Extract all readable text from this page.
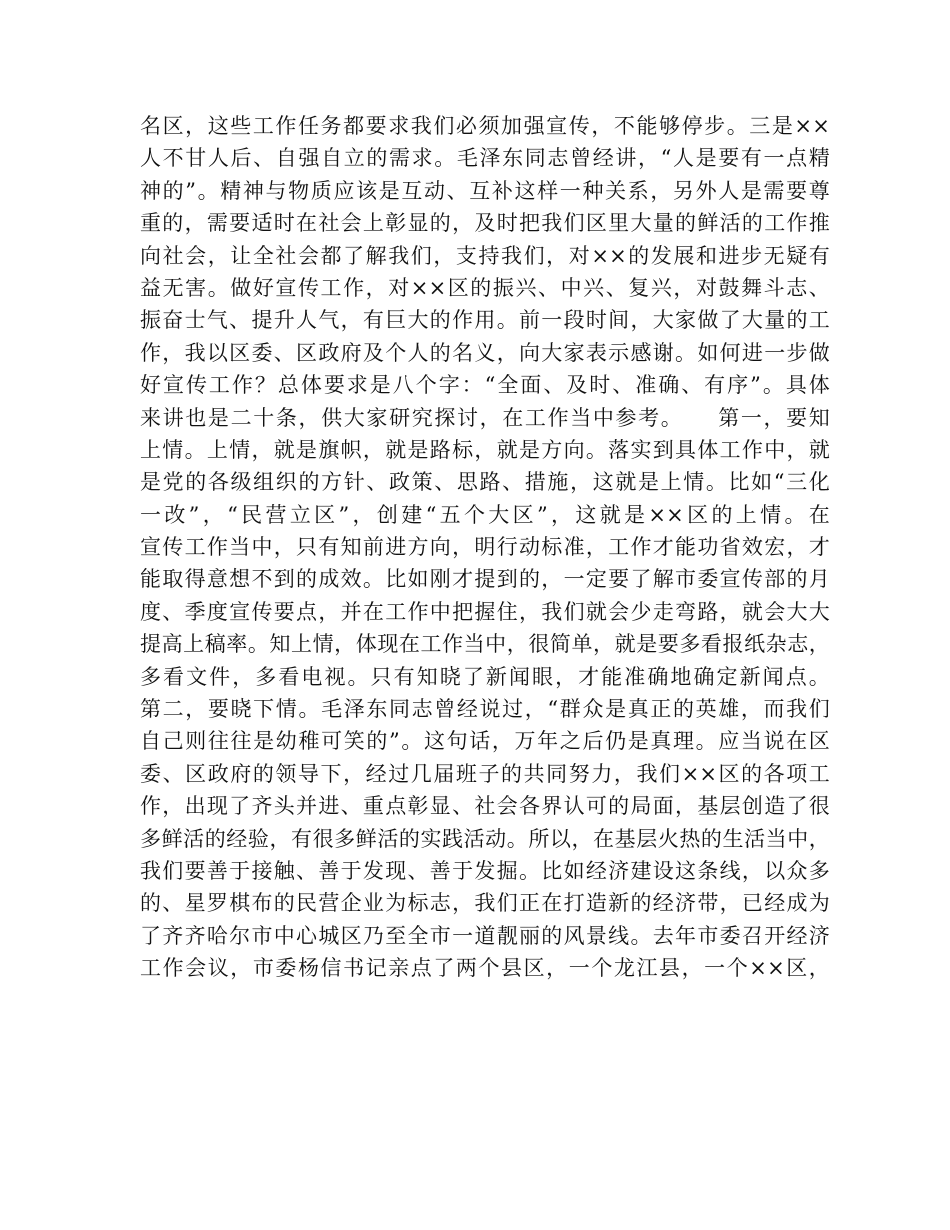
名区，这些工作任务都要求我们必须加强宣传，不能够停步。三是××
人不甘人后、自强自立的需求。毛泽东同志曾经讲，“人是要有一点精
神的”。精神与物质应该是互动、互补这样一种关系，另外人是需要尊
重的，需要适时在社会上彰显的，及时把我们区里大量的鲜活的工作推
向社会，让全社会都了解我们，支持我们，对××的发展和进步无疑有
益无害。做好宣传工作，对××区的振兴、中兴、复兴，对鼓舞斗志、
振奋士气、提升人气，有巨大的作用。前一段时间，大家做了大量的工
作，我以区委、区政府及个人的名义，向大家表示感谢。如何进一步做
好宣传工作？总体要求是八个字：“全面、及时、准确、有序”。具体
来讲也是二十条，供大家研究探讨，在工作当中参考。　　第一，要知
上情。上情，就是旗帜，就是路标，就是方向。落实到具体工作中，就
是党的各级组织的方针、政策、思路、措施，这就是上情。比如“三化
一改”，“民营立区”，创建“五个大区”，这就是××区的上情。在
宣传工作当中，只有知前进方向，明行动标准，工作才能功省效宏，才
能取得意想不到的成效。比如刚才提到的，一定要了解市委宣传部的月
度、季度宣传要点，并在工作中把握住，我们就会少走弯路，就会大大
提高上稿率。知上情，体现在工作当中，很简单，就是要多看报纸杂志，
多看文件，多看电视。只有知晓了新闻眼，才能准确地确定新闻点。
第二，要晓下情。毛泽东同志曾经说过，“群众是真正的英雄，而我们
自己则往往是幼稚可笑的”。这句话，万年之后仍是真理。应当说在区
委、区政府的领导下，经过几届班子的共同努力，我们××区的各项工
作，出现了齐头并进、重点彰显、社会各界认可的局面，基层创造了很
多鲜活的经验，有很多鲜活的实践活动。所以，在基层火热的生活当中，
我们要善于接触、善于发现、善于发掘。比如经济建设这条线，以众多
的、星罗棋布的民营企业为标志，我们正在打造新的经济带，已经成为
了齐齐哈尔市中心城区乃至全市一道靓丽的风景线。去年市委召开经济
工作会议，市委杨信书记亲点了两个县区，一个龙江县，一个××区，
